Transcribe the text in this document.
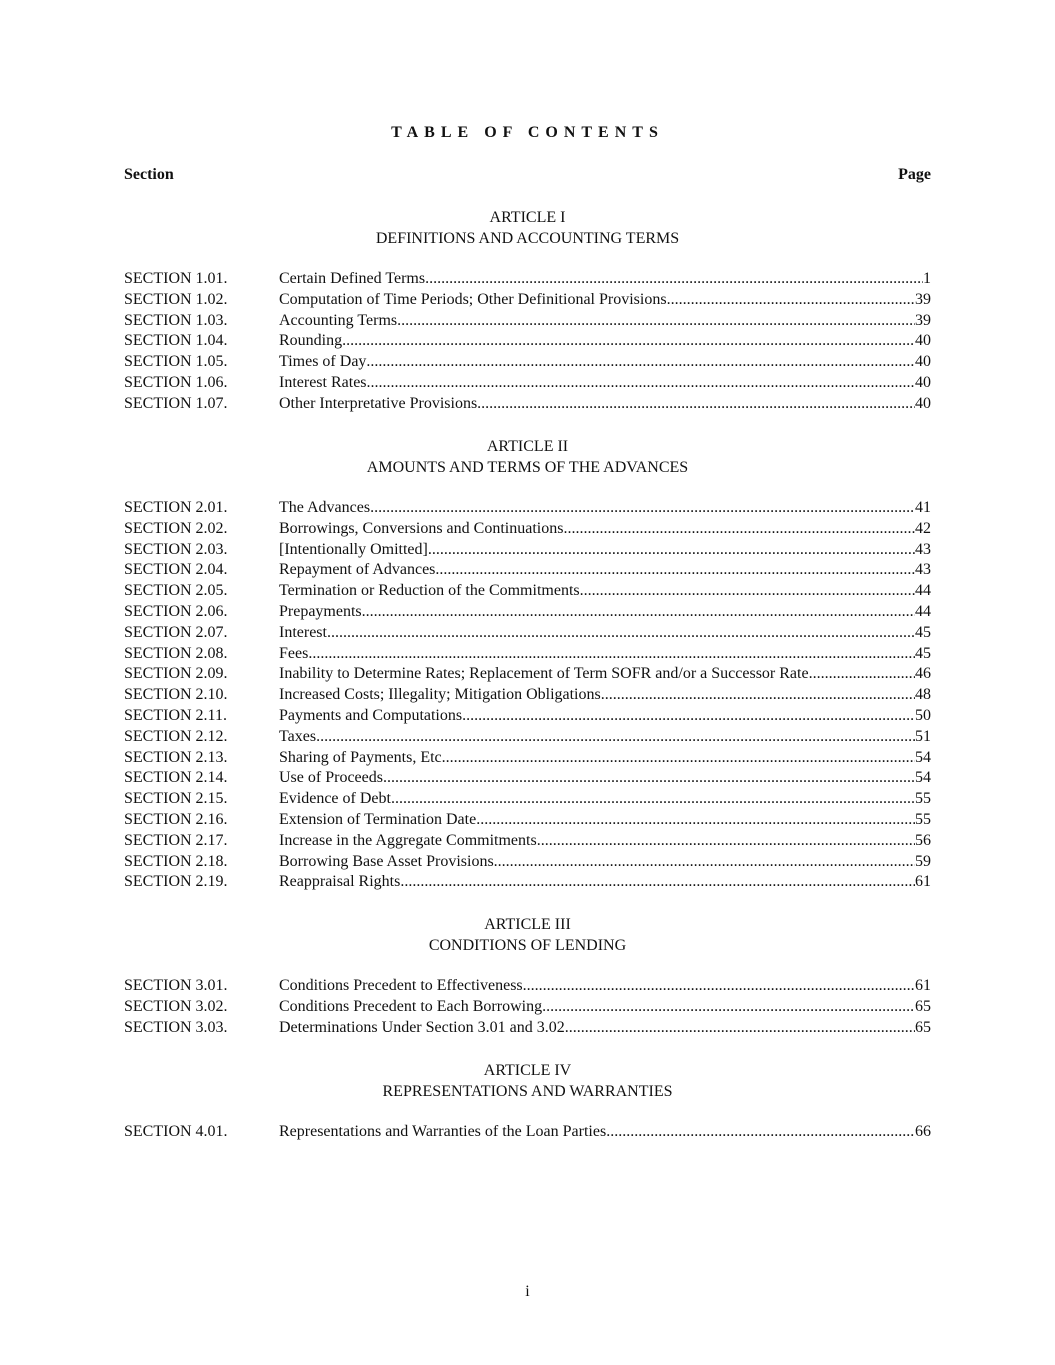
TABLE OF CONTENTS
Section	Page
ARTICLE I
DEFINITIONS AND ACCOUNTING TERMS
SECTION 1.01.	Certain Defined Terms .....	1
SECTION 1.02.	Computation of Time Periods; Other Definitional Provisions .....	39
SECTION 1.03.	Accounting Terms .....	39
SECTION 1.04.	Rounding .....	40
SECTION 1.05.	Times of Day .....	40
SECTION 1.06.	Interest Rates .....	40
SECTION 1.07.	Other Interpretative Provisions .....	40
ARTICLE II
AMOUNTS AND TERMS OF THE ADVANCES
SECTION 2.01.	The Advances .....	41
SECTION 2.02.	Borrowings, Conversions and Continuations .....	42
SECTION 2.03.	[Intentionally Omitted] .....	43
SECTION 2.04.	Repayment of Advances .....	43
SECTION 2.05.	Termination or Reduction of the Commitments .....	44
SECTION 2.06.	Prepayments .....	44
SECTION 2.07.	Interest .....	45
SECTION 2.08.	Fees .....	45
SECTION 2.09.	Inability to Determine Rates; Replacement of Term SOFR and/or a Successor Rate .....	46
SECTION 2.10.	Increased Costs; Illegality; Mitigation Obligations .....	48
SECTION 2.11.	Payments and Computations .....	50
SECTION 2.12.	Taxes .....	51
SECTION 2.13.	Sharing of Payments, Etc .....	54
SECTION 2.14.	Use of Proceeds .....	54
SECTION 2.15.	Evidence of Debt .....	55
SECTION 2.16.	Extension of Termination Date .....	55
SECTION 2.17.	Increase in the Aggregate Commitments .....	56
SECTION 2.18.	Borrowing Base Asset Provisions .....	59
SECTION 2.19.	Reappraisal Rights .....	61
ARTICLE III
CONDITIONS OF LENDING
SECTION 3.01.	Conditions Precedent to Effectiveness .....	61
SECTION 3.02.	Conditions Precedent to Each Borrowing .....	65
SECTION 3.03.	Determinations Under Section 3.01 and 3.02 .....	65
ARTICLE IV
REPRESENTATIONS AND WARRANTIES
SECTION 4.01.	Representations and Warranties of the Loan Parties .....	66
i
